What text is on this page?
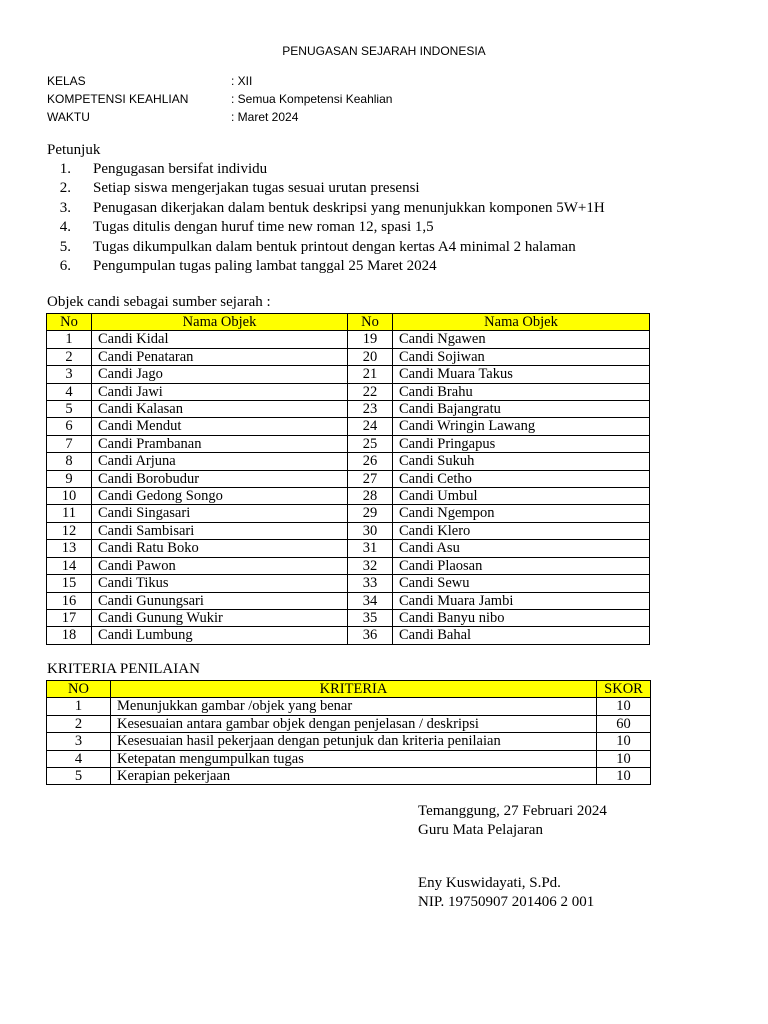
PENUGASAN SEJARAH INDONESIA
KELAS	: XII
KOMPETENSI KEAHLIAN	: Semua Kompetensi Keahlian
WAKTU	: Maret 2024
Petunjuk
1.	Pengugasan bersifat individu
2.	Setiap siswa mengerjakan tugas sesuai urutan presensi
3.	Penugasan dikerjakan dalam bentuk deskripsi yang menunjukkan komponen 5W+1H
4.	Tugas ditulis dengan huruf time new roman 12, spasi 1,5
5.	Tugas dikumpulkan dalam bentuk printout dengan kertas A4 minimal 2 halaman
6.	Pengumpulan tugas paling lambat tanggal 25 Maret 2024
Objek candi sebagai sumber sejarah :
No	Nama Objek	No	Nama Objek
1	Candi Kidal	19	Candi Ngawen
2	Candi Penataran	20	Candi Sojiwan
3	Candi Jago	21	Candi Muara Takus
4	Candi Jawi	22	Candi Brahu
5	Candi Kalasan	23	Candi Bajangratu
6	Candi Mendut	24	Candi Wringin Lawang
7	Candi Prambanan	25	Candi Pringapus
8	Candi Arjuna	26	Candi Sukuh
9	Candi Borobudur	27	Candi Cetho
10	Candi Gedong Songo	28	Candi Umbul
11	Candi Singasari	29	Candi Ngempon
12	Candi Sambisari	30	Candi Klero
13	Candi Ratu Boko	31	Candi Asu
14	Candi Pawon	32	Candi Plaosan
15	Candi Tikus	33	Candi Sewu
16	Candi Gunungsari	34	Candi Muara Jambi
17	Candi Gunung Wukir	35	Candi Banyu nibo
18	Candi Lumbung	36	Candi Bahal
KRITERIA PENILAIAN
NO	KRITERIA	SKOR
1	Menunjukkan gambar /objek yang benar	10
2	Kesesuaian antara gambar objek dengan penjelasan / deskripsi	60
3	Kesesuaian hasil pekerjaan dengan petunjuk dan kriteria penilaian	10
4	Ketepatan mengumpulkan tugas	10
5	Kerapian pekerjaan	10
Temanggung, 27 Februari 2024
Guru Mata Pelajaran
Eny Kuswidayati, S.Pd.
NIP. 19750907 201406 2 001
